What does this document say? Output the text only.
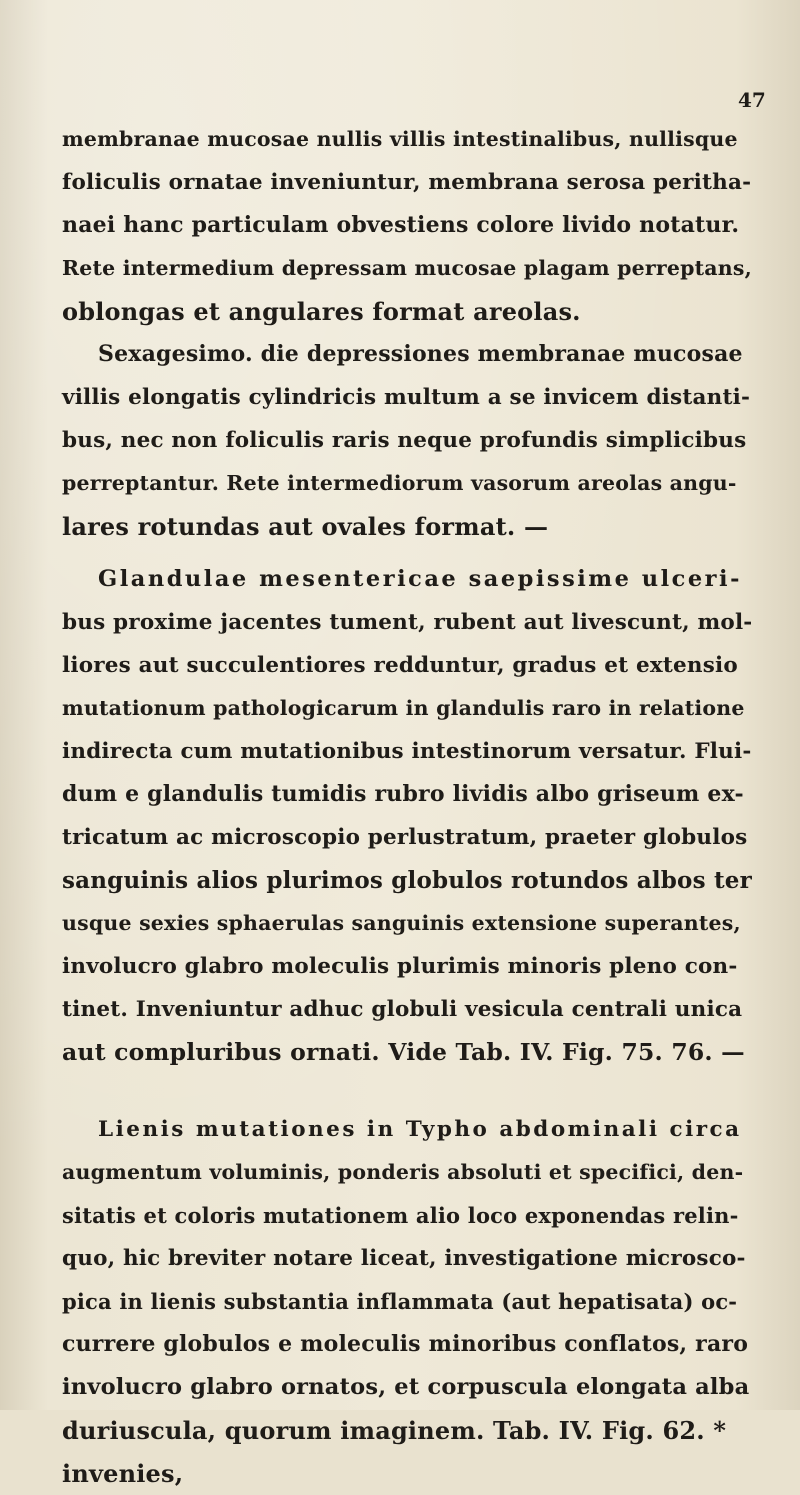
47
membranae mucosae nullis villis intestinalibus, nullisque
foliculis ornatae inveniuntur, membrana serosa peritha-
naei hanc particulam obvestiens colore livido notatur.
Rete intermedium depressam mucosae plagam perreptans,
oblongas et angulares format areolas.
Sexagesimo. die depressiones membranae mucosae
villis elongatis cylindricis multum a se invicem distanti-
bus, nec non foliculis raris neque profundis simplicibus
perreptantur. Rete intermediorum vasorum areolas angu-
lares rotundas aut ovales format. —
Glandulae mesentericae saepissime ulceri-
bus proxime jacentes tument, rubent aut livescunt, mol-
liores aut succulentiores redduntur, gradus et extensio
mutationum pathologicarum in glandulis raro in relatione
indirecta cum mutationibus intestinorum versatur. Flui-
dum e glandulis tumidis rubro lividis albo griseum ex-
tricatum ac microscopio perlustratum, praeter globulos
sanguinis alios plurimos globulos rotundos albos ter
usque sexies sphaerulas sanguinis extensione superantes,
involucro glabro moleculis plurimis minoris pleno con-
tinet. Inveniuntur adhuc globuli vesicula centrali unica
aut compluribus ornati. Vide Tab. IV. Fig. 75. 76. —
Lienis mutationes in Typho abdominali circa
augmentum voluminis, ponderis absoluti et specifici, den-
sitatis et coloris mutationem alio loco exponendas relin-
quo, hic breviter notare liceat, investigatione microsco-
pica in lienis substantia inflammata (aut hepatisata) oc-
currere globulos e moleculis minoribus conflatos, raro
involucro glabro ornatos, et corpuscula elongata alba
duriuscula, quorum imaginem. Tab. IV. Fig. 62. *
invenies,
